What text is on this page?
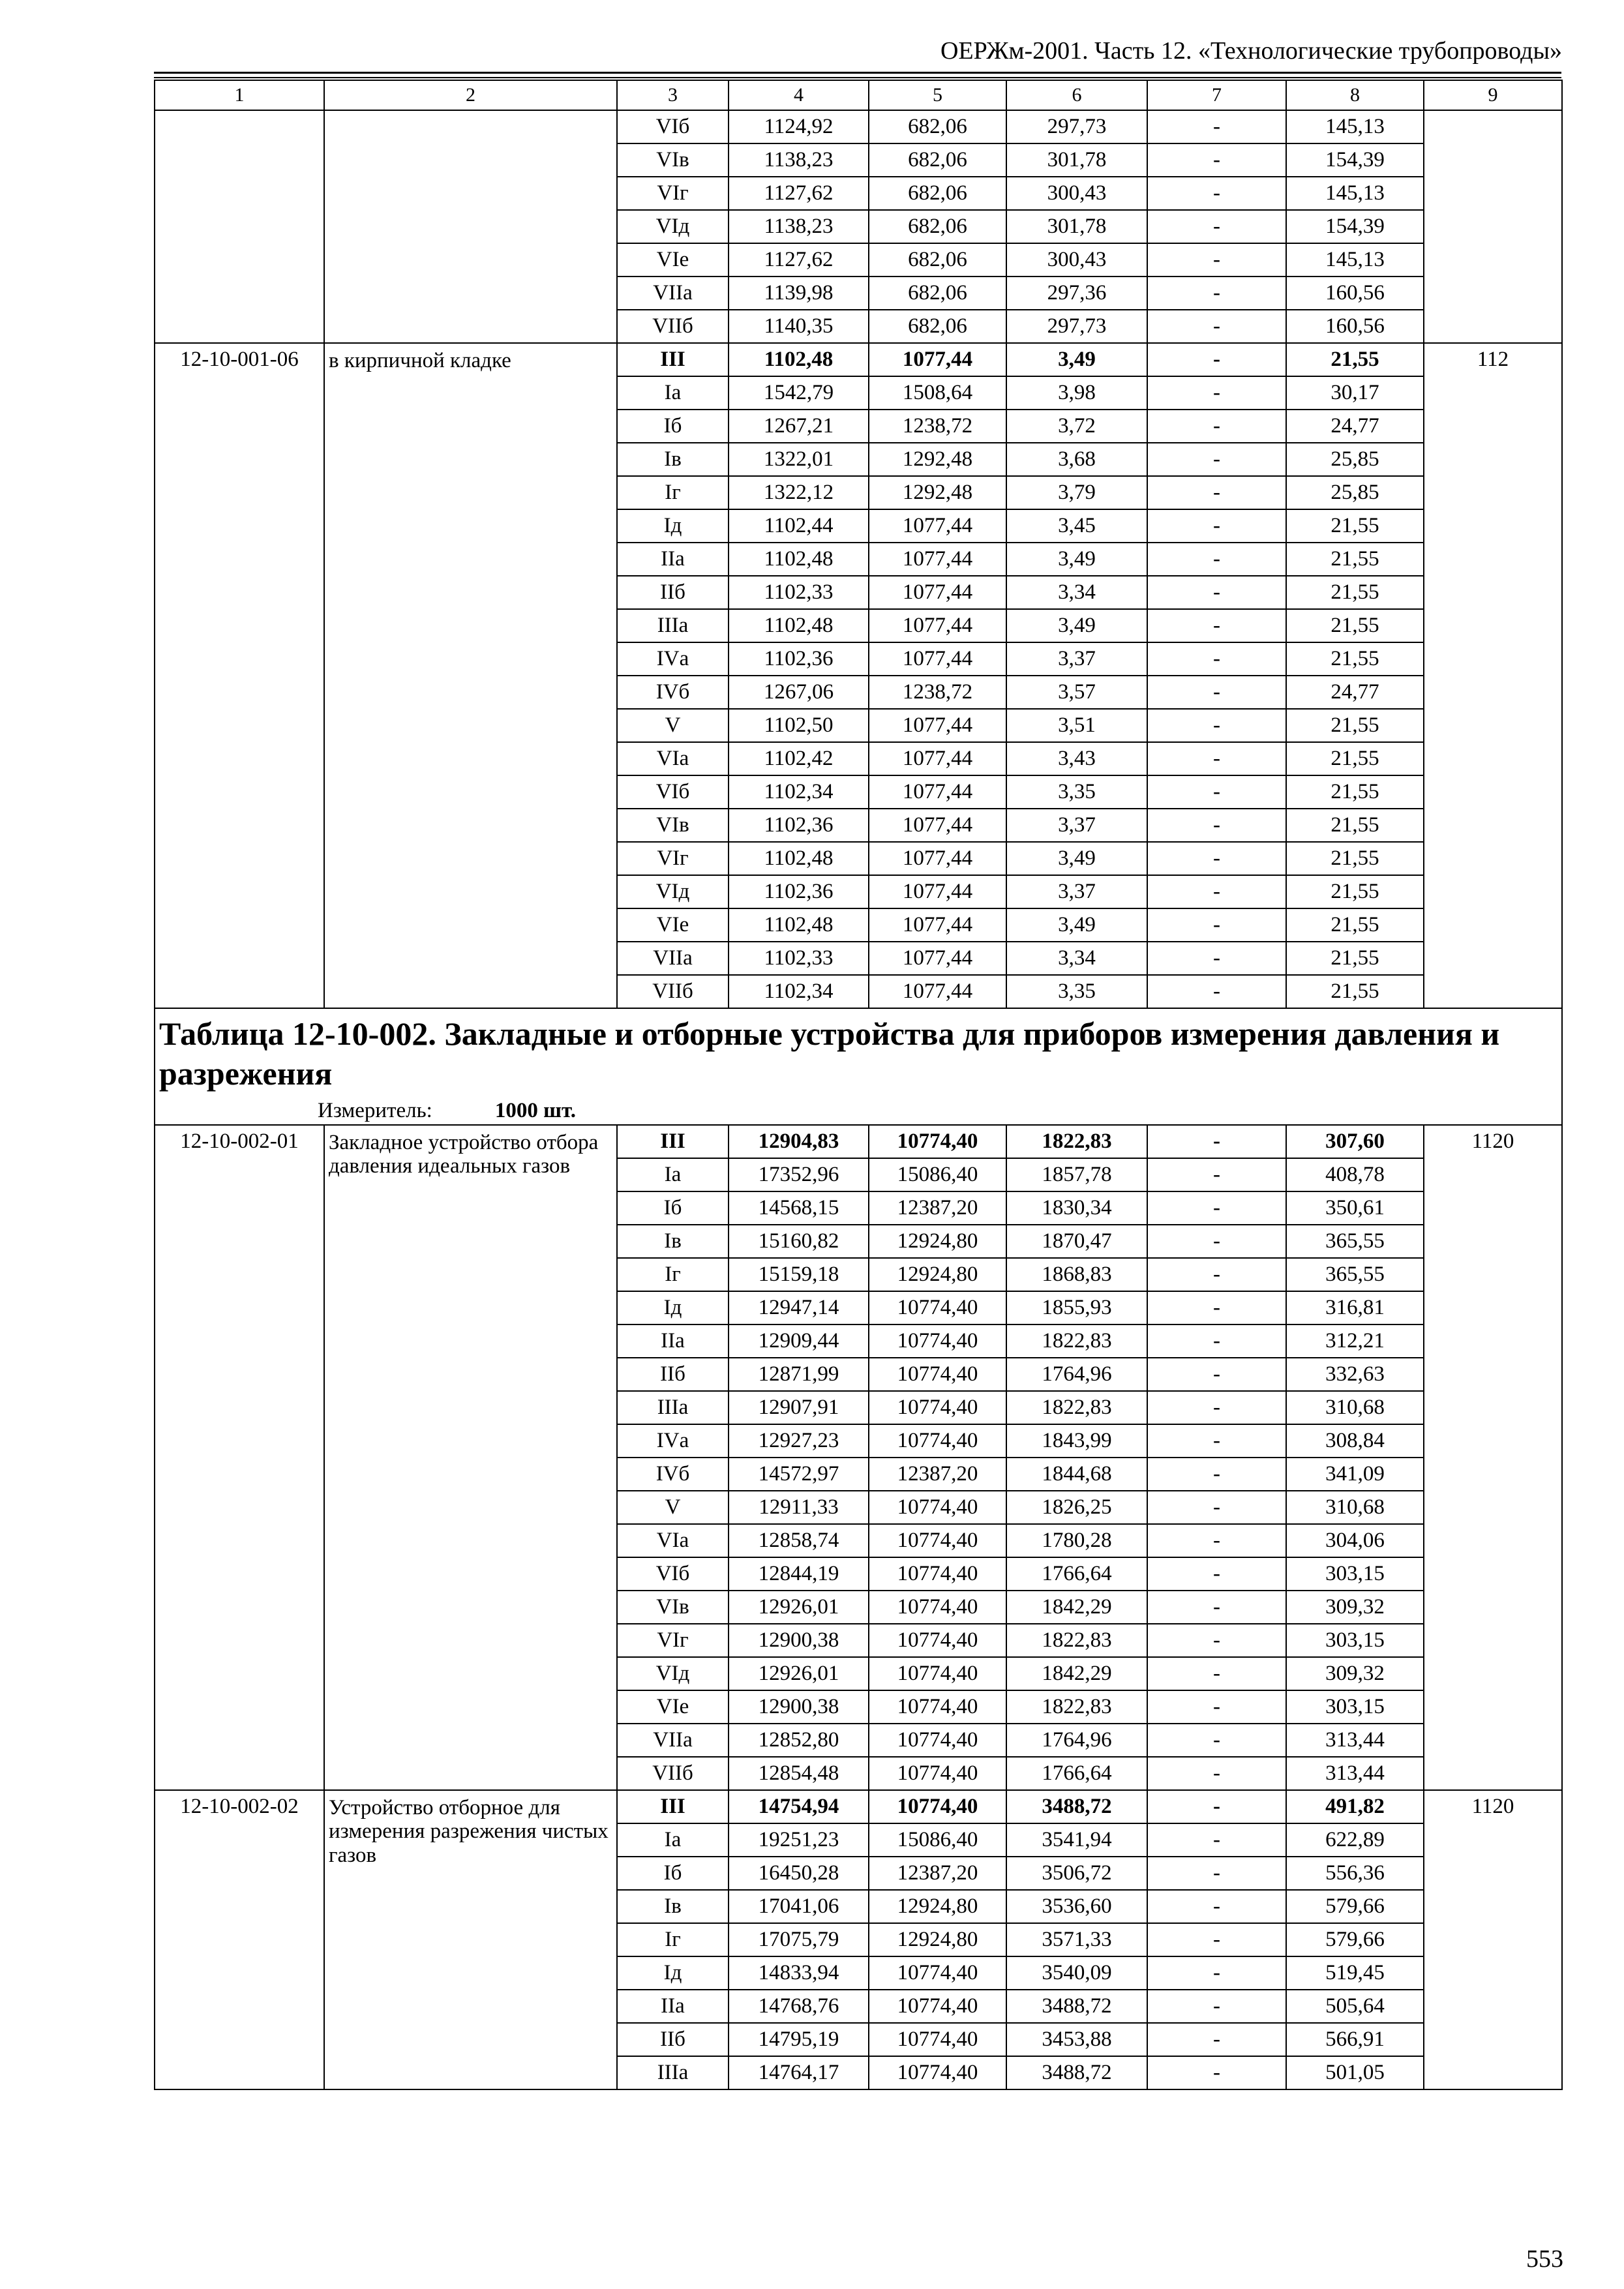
ОЕРЖм-2001. Часть 12. «Технологические трубопроводы»
1	2	3	4	5	6	7	8	9
		VIб	1124,92	682,06	297,73	-	145,13	
		VIв	1138,23	682,06	301,78	-	154,39	
		VIг	1127,62	682,06	300,43	-	145,13	
		VIд	1138,23	682,06	301,78	-	154,39	
		VIе	1127,62	682,06	300,43	-	145,13	
		VIIа	1139,98	682,06	297,36	-	160,56	
		VIIб	1140,35	682,06	297,73	-	160,56	
12-10-001-06	в кирпичной кладке	III	1102,48	1077,44	3,49	-	21,55	112
		Iа	1542,79	1508,64	3,98	-	30,17	
		Iб	1267,21	1238,72	3,72	-	24,77	
		Iв	1322,01	1292,48	3,68	-	25,85	
		Iг	1322,12	1292,48	3,79	-	25,85	
		Iд	1102,44	1077,44	3,45	-	21,55	
		IIа	1102,48	1077,44	3,49	-	21,55	
		IIб	1102,33	1077,44	3,34	-	21,55	
		IIIа	1102,48	1077,44	3,49	-	21,55	
		IVа	1102,36	1077,44	3,37	-	21,55	
		IVб	1267,06	1238,72	3,57	-	24,77	
		V	1102,50	1077,44	3,51	-	21,55	
		VIа	1102,42	1077,44	3,43	-	21,55	
		VIб	1102,34	1077,44	3,35	-	21,55	
		VIв	1102,36	1077,44	3,37	-	21,55	
		VIг	1102,48	1077,44	3,49	-	21,55	
		VIд	1102,36	1077,44	3,37	-	21,55	
		VIе	1102,48	1077,44	3,49	-	21,55	
		VIIа	1102,33	1077,44	3,34	-	21,55	
		VIIб	1102,34	1077,44	3,35	-	21,55	

Таблица 12-10-002. Закладные и отборные устройства для приборов измерения давления и разрежения
Измеритель: 1000 шт.								

12-10-002-01	Закладное устройство отбора давления идеальных газов	III	12904,83	10774,40	1822,83	-	307,60	1120
		Iа	17352,96	15086,40	1857,78	-	408,78	
		Iб	14568,15	12387,20	1830,34	-	350,61	
		Iв	15160,82	12924,80	1870,47	-	365,55	
		Iг	15159,18	12924,80	1868,83	-	365,55	
		Iд	12947,14	10774,40	1855,93	-	316,81	
		IIа	12909,44	10774,40	1822,83	-	312,21	
		IIб	12871,99	10774,40	1764,96	-	332,63	
		IIIа	12907,91	10774,40	1822,83	-	310,68	
		IVа	12927,23	10774,40	1843,99	-	308,84	
		IVб	14572,97	12387,20	1844,68	-	341,09	
		V	12911,33	10774,40	1826,25	-	310,68	
		VIа	12858,74	10774,40	1780,28	-	304,06	
		VIб	12844,19	10774,40	1766,64	-	303,15	
		VIв	12926,01	10774,40	1842,29	-	309,32	
		VIг	12900,38	10774,40	1822,83	-	303,15	
		VIд	12926,01	10774,40	1842,29	-	309,32	
		VIе	12900,38	10774,40	1822,83	-	303,15	
		VIIа	12852,80	10774,40	1764,96	-	313,44	
		VIIб	12854,48	10774,40	1766,64	-	313,44	
12-10-002-02	Устройство отборное для измерения разрежения чистых газов	III	14754,94	10774,40	3488,72	-	491,82	1120
		Iа	19251,23	15086,40	3541,94	-	622,89	
		Iб	16450,28	12387,20	3506,72	-	556,36	
		Iв	17041,06	12924,80	3536,60	-	579,66	
		Iг	17075,79	12924,80	3571,33	-	579,66	
		Iд	14833,94	10774,40	3540,09	-	519,45	
		IIа	14768,76	10774,40	3488,72	-	505,64	
		IIб	14795,19	10774,40	3453,88	-	566,91	
		IIIа	14764,17	10774,40	3488,72	-	501,05	
553
